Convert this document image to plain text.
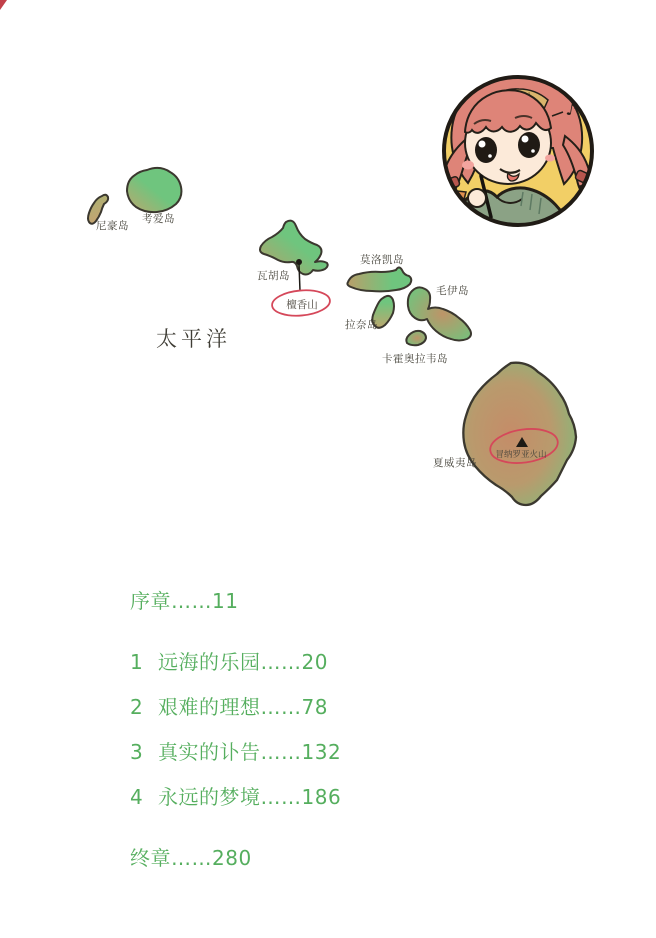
尼豪岛
考爱岛
瓦胡岛
莫洛凯岛
拉奈岛
毛伊岛
卡霍奥拉韦岛
夏威夷岛
檀香山
冒纳罗亚火山
太平洋
♪
序章……11
1 远海的乐园……20
2 艰难的理想……78
3 真实的讣告……132
4 永远的梦境……186
终章……280
